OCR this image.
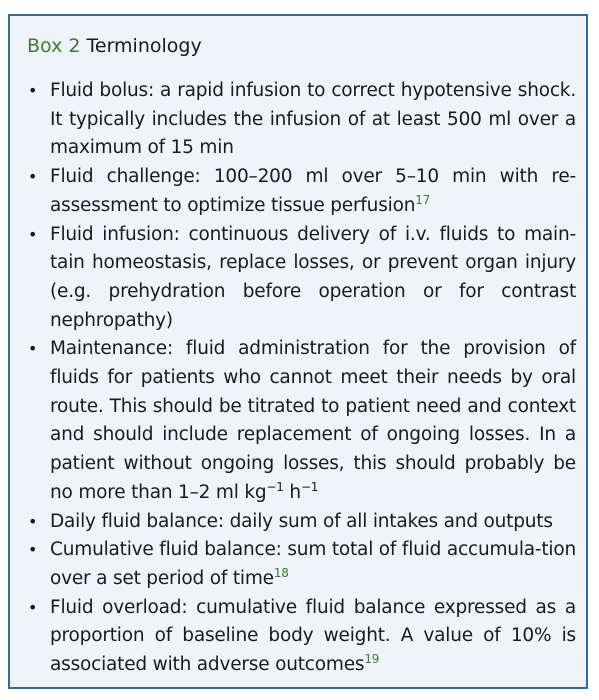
Box 2 Terminology
• Fluid bolus: a rapid infusion to correct hypotensive shock. It typically includes the infusion of at least 500 ml over a maximum of 15 min
• Fluid challenge: 100–200 ml over 5–10 min with re-assessment to optimize tissue perfusion$^{17}$
• Fluid infusion: continuous delivery of i.v. fluids to main-tain homeostasis, replace losses, or prevent organ injury (e.g. prehydration before operation or for contrast nephropathy)
• Maintenance: fluid administration for the provision of fluids for patients who cannot meet their needs by oral route. This should be titrated to patient need and context and should include replacement of ongoing losses. In a patient without ongoing losses, this should probably be no more than 1–2 ml $kg^{-1}$ $h^{-1}$
• Daily fluid balance: daily sum of all intakes and outputs
• Cumulative fluid balance: sum total of fluid accumula-tion over a set period of time$^{18}$
• Fluid overload: cumulative fluid balance expressed as a proportion of baseline body weight. A value of 10% is associated with adverse outcomes$^{19}$
